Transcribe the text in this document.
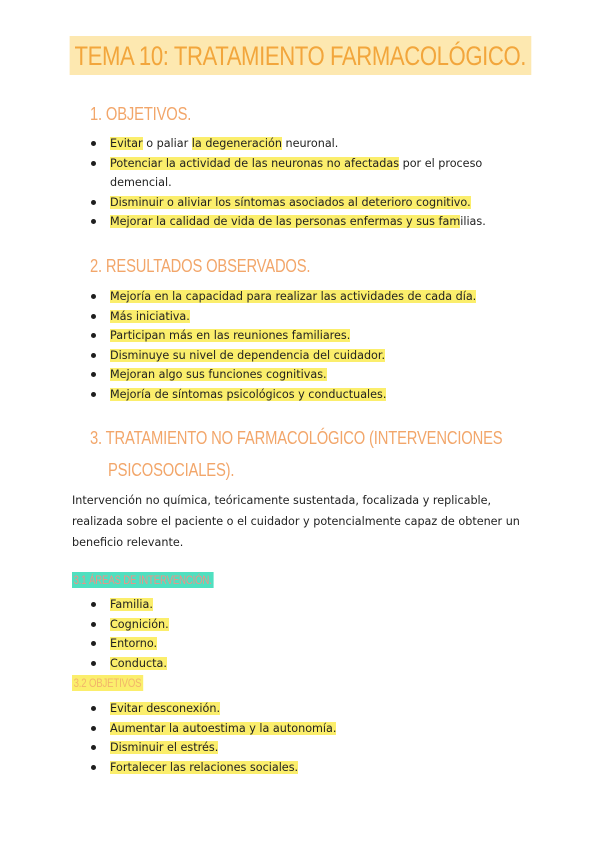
TEMA 10: TRATAMIENTO FARMACOLÓGICO.
1. OBJETIVOS.
Evitar o paliar la degeneración neuronal.
Potenciar la actividad de las neuronas no afectadas por el proceso
demencial.
Disminuir o aliviar los síntomas asociados al deterioro cognitivo.
Mejorar la calidad de vida de las personas enfermas y sus familias.
2. RESULTADOS OBSERVADOS.
Mejoría en la capacidad para realizar las actividades de cada día.
Más iniciativa.
Participan más en las reuniones familiares.
Disminuye su nivel de dependencia del cuidador.
Mejoran algo sus funciones cognitivas.
Mejoría de síntomas psicológicos y conductuales.
3. TRATAMIENTO NO FARMACOLÓGICO (INTERVENCIONES
PSICOSOCIALES).
Intervención no química, teóricamente sustentada, focalizada y replicable,
realizada sobre el paciente o el cuidador y potencialmente capaz de obtener un
beneficio relevante.
3.1 ÁREAS DE INTERVENCIÓN.
Familia.
Cognición.
Entorno.
Conducta.
3.2 OBJETIVOS
Evitar desconexión.
Aumentar la autoestima y la autonomía.
Disminuir el estrés.
Fortalecer las relaciones sociales.
